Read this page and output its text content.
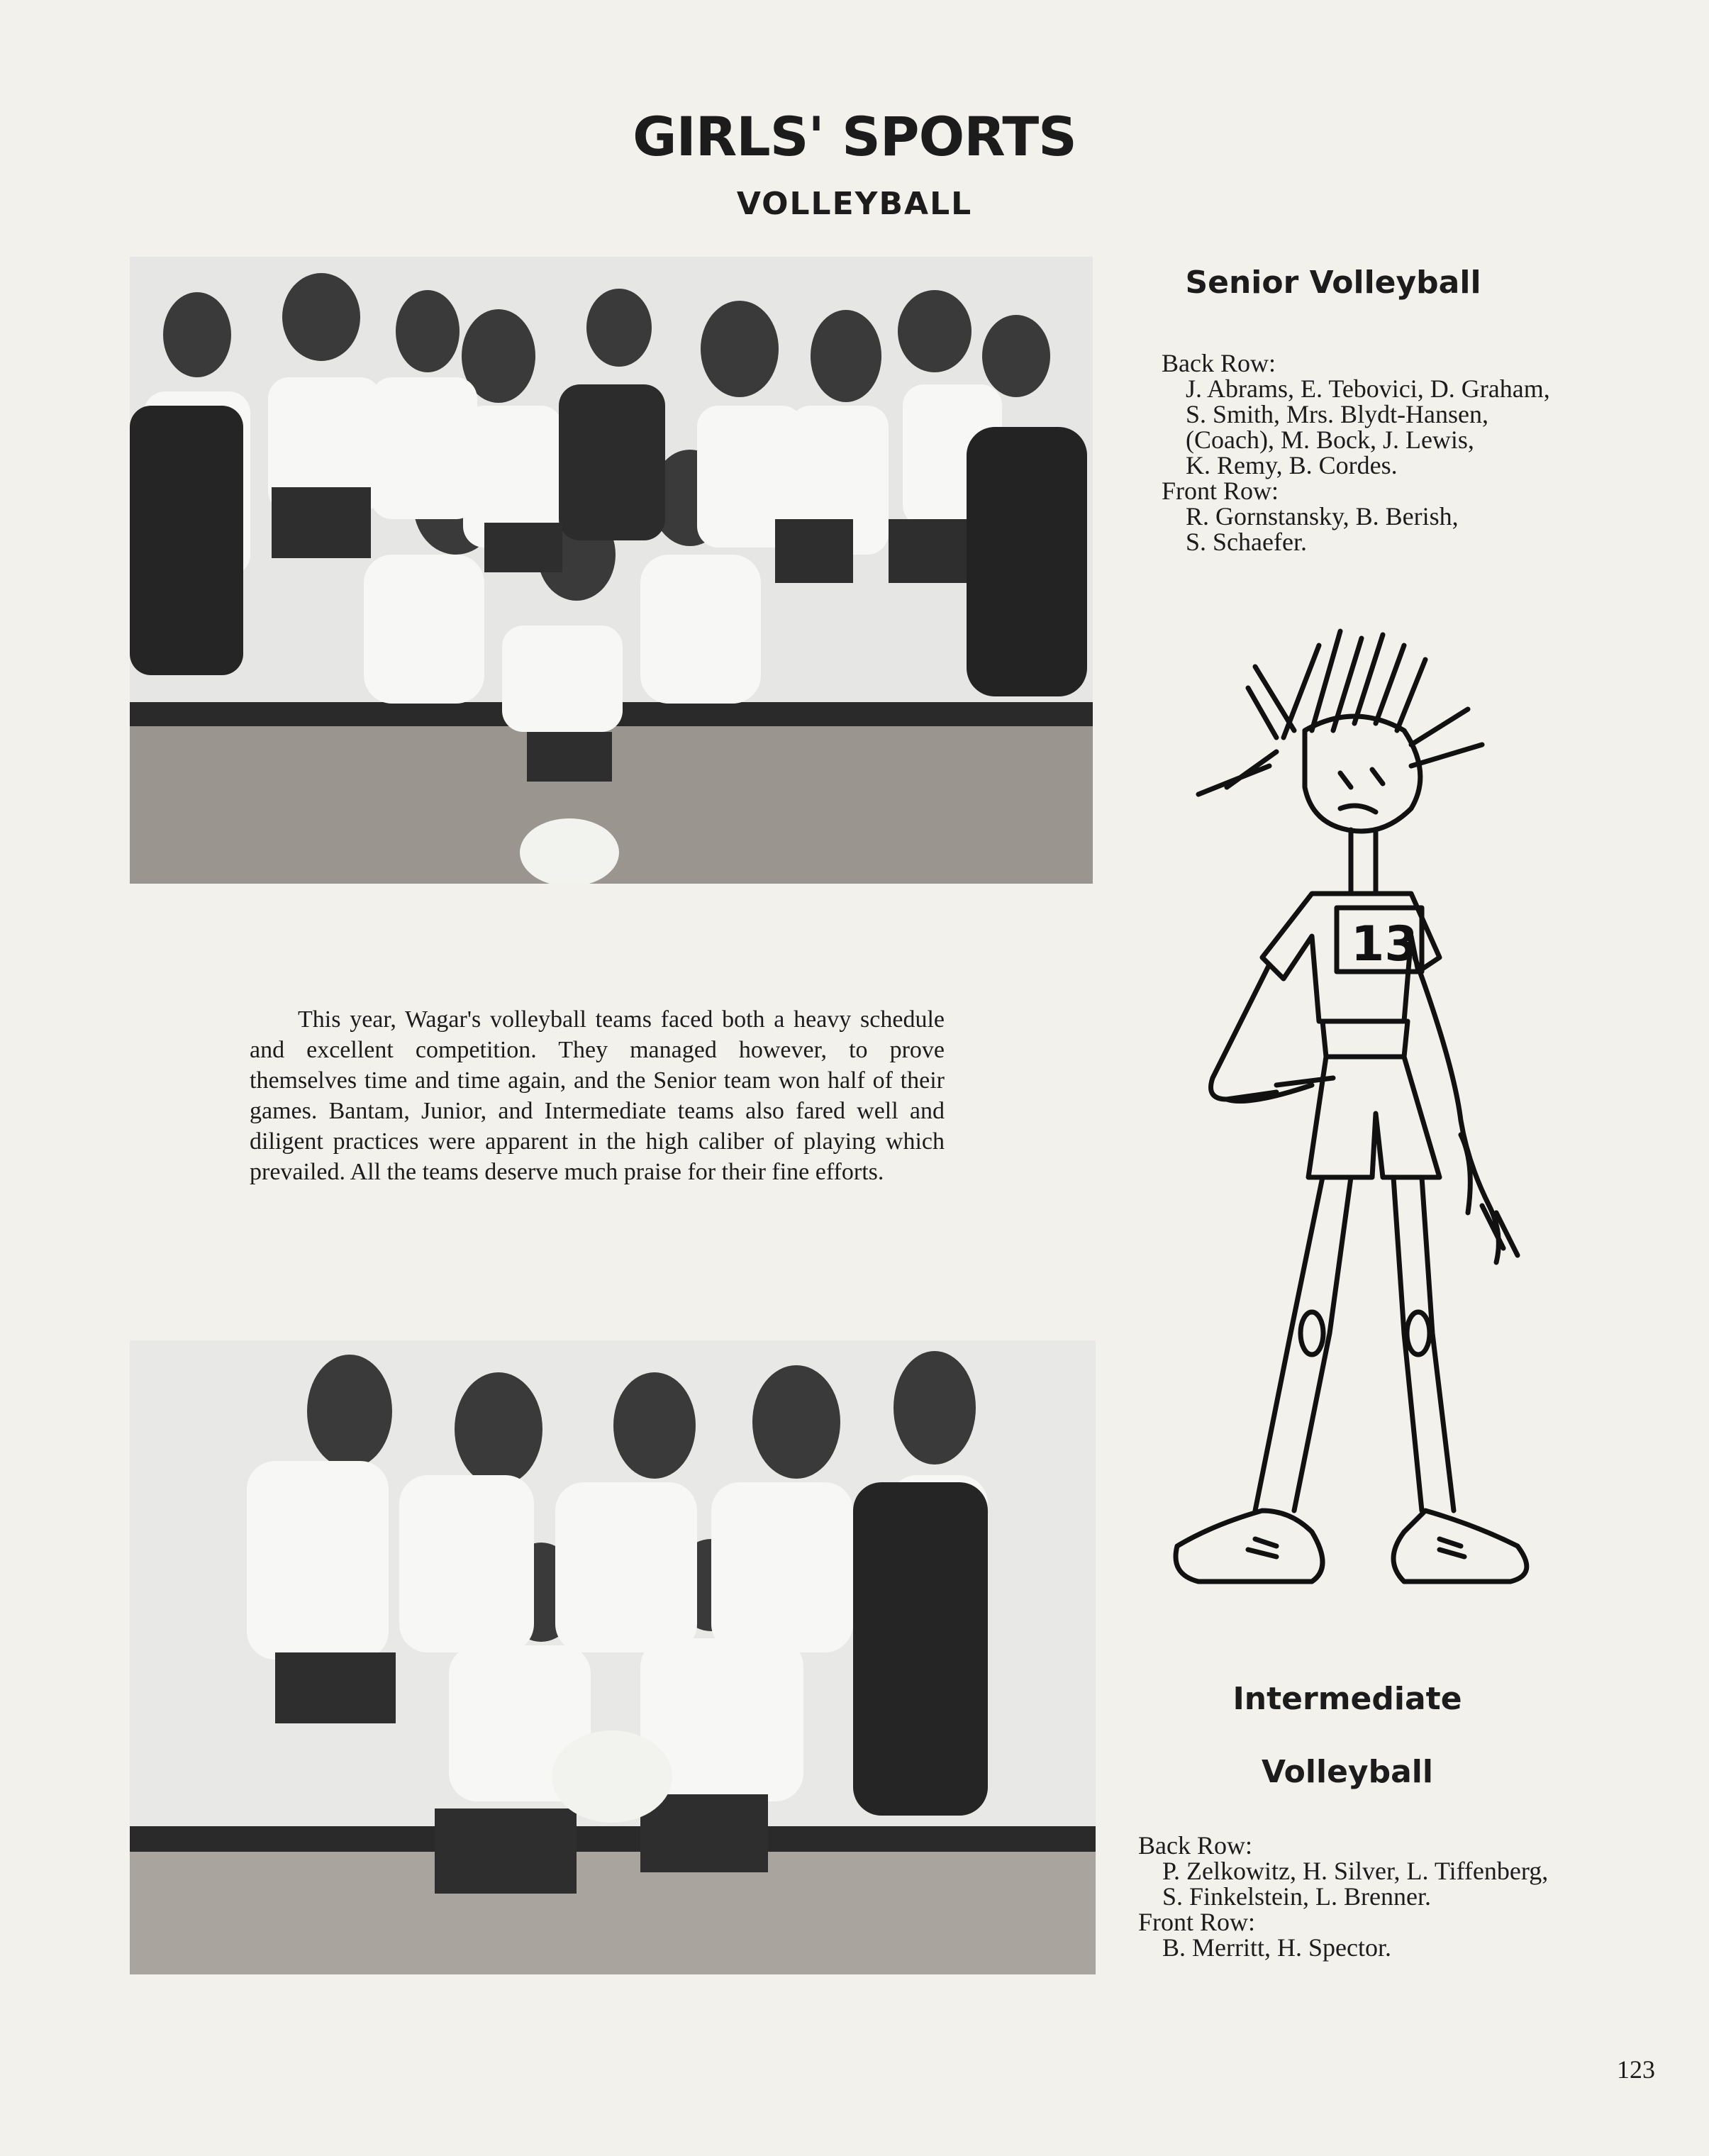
GIRLS' SPORTS
VOLLEYBALL
Senior Volleyball
Back Row:
J. Abrams, E. Tebovici, D. Graham,
S. Smith, Mrs. Blydt-Hansen,
(Coach), M. Bock, J. Lewis,
K. Remy, B. Cordes.
Front Row:
R. Gornstansky, B. Berish,
S. Schaefer.

This year, Wagar's volleyball teams faced both a heavy schedule and excellent competition. They managed however, to prove themselves time and time again, and the Senior team won half of their games. Bantam, Junior, and Intermediate teams also fared well and diligent practices were apparent in the high caliber of playing which prevailed. All the teams deserve much praise for their fine efforts.

13
Intermediate
Volleyball
Back Row:
P. Zelkowitz, H. Silver, L. Tiffenberg,
S. Finkelstein, L. Brenner.
Front Row:
B. Merritt, H. Spector.
123
